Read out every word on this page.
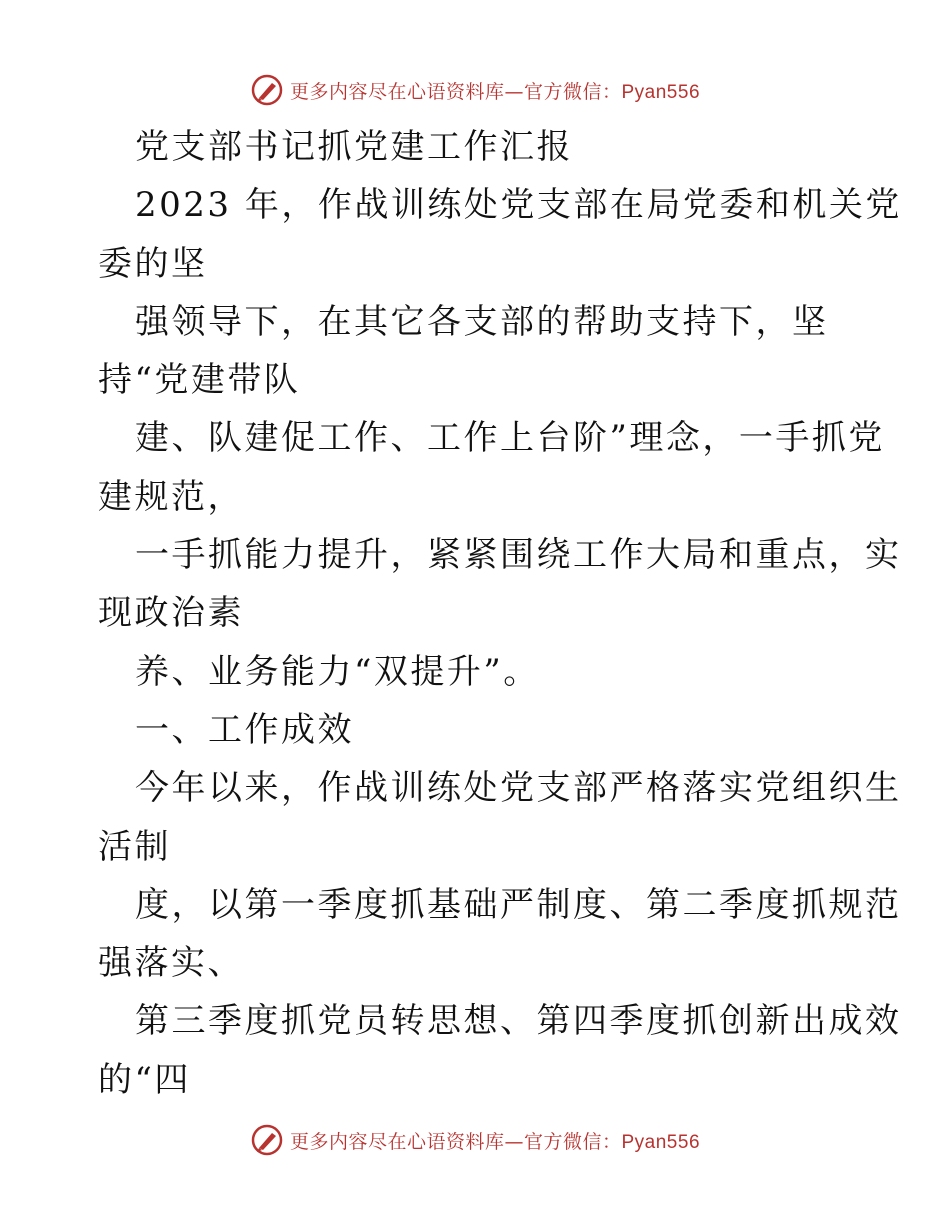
更多内容尽在心语资料库—官方微信：Pyan556
党支部书记抓党建工作汇报
2023 年，作战训练处党支部在局党委和机关党
委的坚
强领导下，在其它各支部的帮助支持下，坚
持“党建带队
建、队建促工作、工作上台阶”理念，一手抓党
建规范，
一手抓能力提升，紧紧围绕工作大局和重点，实
现政治素
养、业务能力“双提升”。
一、工作成效
今年以来，作战训练处党支部严格落实党组织生
活制
度，以第一季度抓基础严制度、第二季度抓规范
强落实、
第三季度抓党员转思想、第四季度抓创新出成效
的“四
更多内容尽在心语资料库—官方微信：Pyan556
